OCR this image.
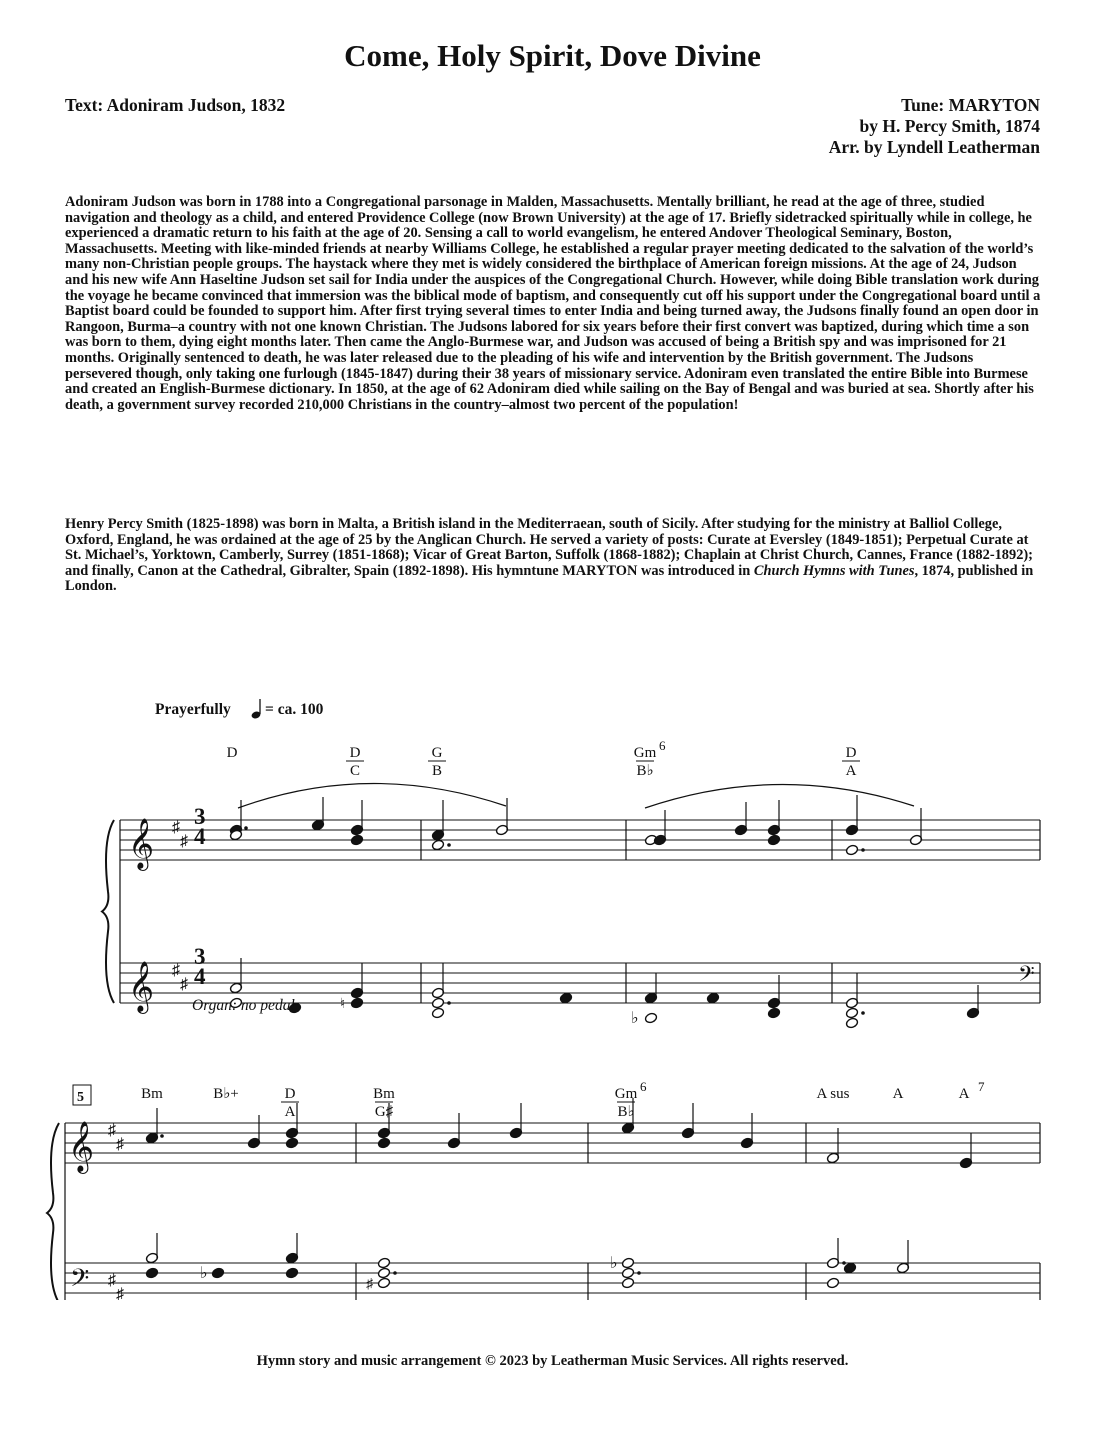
Come, Holy Spirit, Dove Divine
Text: Adoniram Judson, 1832	Tune: MARYTON
by H. Percy Smith, 1874
Arr. by Lyndell Leatherman

Adoniram Judson was born in 1788 into a Congregational parsonage in Malden, Massachusetts. Mentally brilliant, he read at the age of three, studied navigation and theology as a child, and entered Providence College (now Brown University) at the age of 17. Briefly sidetracked spiritually while in college, he experienced a dramatic return to his faith at the age of 20. Sensing a call to world evangelism, he entered Andover Theological Seminary, Boston, Massachusetts. Meeting with like-minded friends at nearby Williams College, he established a regular prayer meeting dedicated to the salvation of the world’s many non-Christian people groups. The haystack where they met is widely considered the birthplace of American foreign missions. At the age of 24, Judson and his new wife Ann Haseltine Judson set sail for India under the auspices of the Congregational Church. However, while doing Bible translation work during the voyage he became convinced that immersion was the biblical mode of baptism, and consequently cut off his support under the Congregational board until a Baptist board could be founded to support him. After first trying several times to enter India and being turned away, the Judsons finally found an open door in Rangoon, Burma–a country with not one known Christian. The Judsons labored for six years before their first convert was baptized, during which time a son was born to them, dying eight months later. Then came the Anglo-Burmese war, and Judson was accused of being a British spy and was imprisoned for 21 months. Originally sentenced to death, he was later released due to the pleading of his wife and intervention by the British government. The Judsons persevered though, only taking one furlough (1845-1847) during their 38 years of missionary service. Adoniram even translated the entire Bible into Burmese and created an English-Burmese dictionary. In 1850, at the age of 62 Adoniram died while sailing on the Bay of Bengal and was buried at sea. Shortly after his death, a government survey recorded 210,000 Christians in the country–almost two percent of the population!

Henry Percy Smith (1825-1898) was born in Malta, a British island in the Mediterraean, south of Sicily. After studying for the ministry at Balliol College, Oxford, England, he was ordained at the age of 25 by the Anglican Church. He served a variety of posts: Curate at Eversley (1849-1851); Perpetual Curate at St. Michael’s, Yorktown, Camberly, Surrey (1851-1868); Vicar of Great Barton, Suffolk (1868-1882); Chaplain at Christ Church, Cannes, France (1882-1892); and finally, Canon at the Cathedral, Gibralter, Spain (1892-1898). His hymntune MARYTON was introduced in Church Hymns with Tunes, 1874, published in London.

Prayerfully = ca. 100
D	D
C
G
B
Gm 6
B♭
D
A
𝄞
𝄞
♯
♯
♯
♯	𝄢
♮
♭
Bm	B♭+	D
A
Bm
G♯
Gm 6
B♭
A sus	A	A 7
𝄞
𝄢
♯
♯
♯
♯
♭
♯
♭
3
4
3
4
Organ: no pedal
5
Hymn story and music arrangement © 2023 by Leatherman Music Services. All rights reserved.
